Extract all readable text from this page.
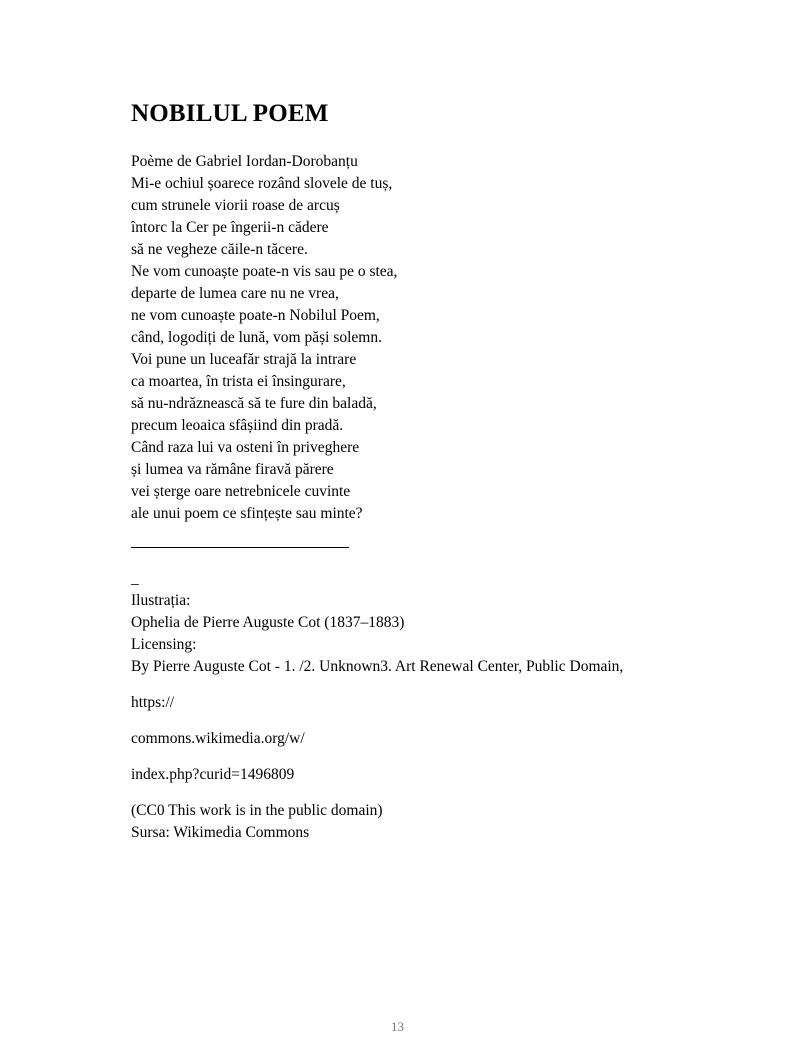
NOBILUL POEM
Poème de Gabriel Iordan-Dorobanțu
Mi-e ochiul șoarece rozând slovele de tuș,
cum strunele viorii roase de arcuș
întorc la Cer pe îngerii-n cădere
să ne vegheze căile-n tăcere.
Ne vom cunoaște poate-n vis sau pe o stea,
departe de lumea care nu ne vrea,
ne vom cunoaște poate-n Nobilul Poem,
când, logodiți de lună, vom păși solemn.
Voi pune un luceafăr strajă la intrare
ca moartea, în trista ei însingurare,
să nu-ndrăznească să te fure din baladă,
precum leoaica sfâșiind din pradă.
Când raza lui va osteni în priveghere
și lumea va rămâne firavă părere
vei șterge oare netrebnicele cuvinte
ale unui poem ce sfințește sau minte?
_
Ilustrația:
Ophelia de Pierre Auguste Cot (1837–1883)
Licensing:
By Pierre Auguste Cot - 1. /2. Unknown3. Art Renewal Center, Public Domain,
https://
commons.wikimedia.org/w/
index.php?curid=1496809
(CC0 This work is in the public domain)
Sursa: Wikimedia Commons
13
